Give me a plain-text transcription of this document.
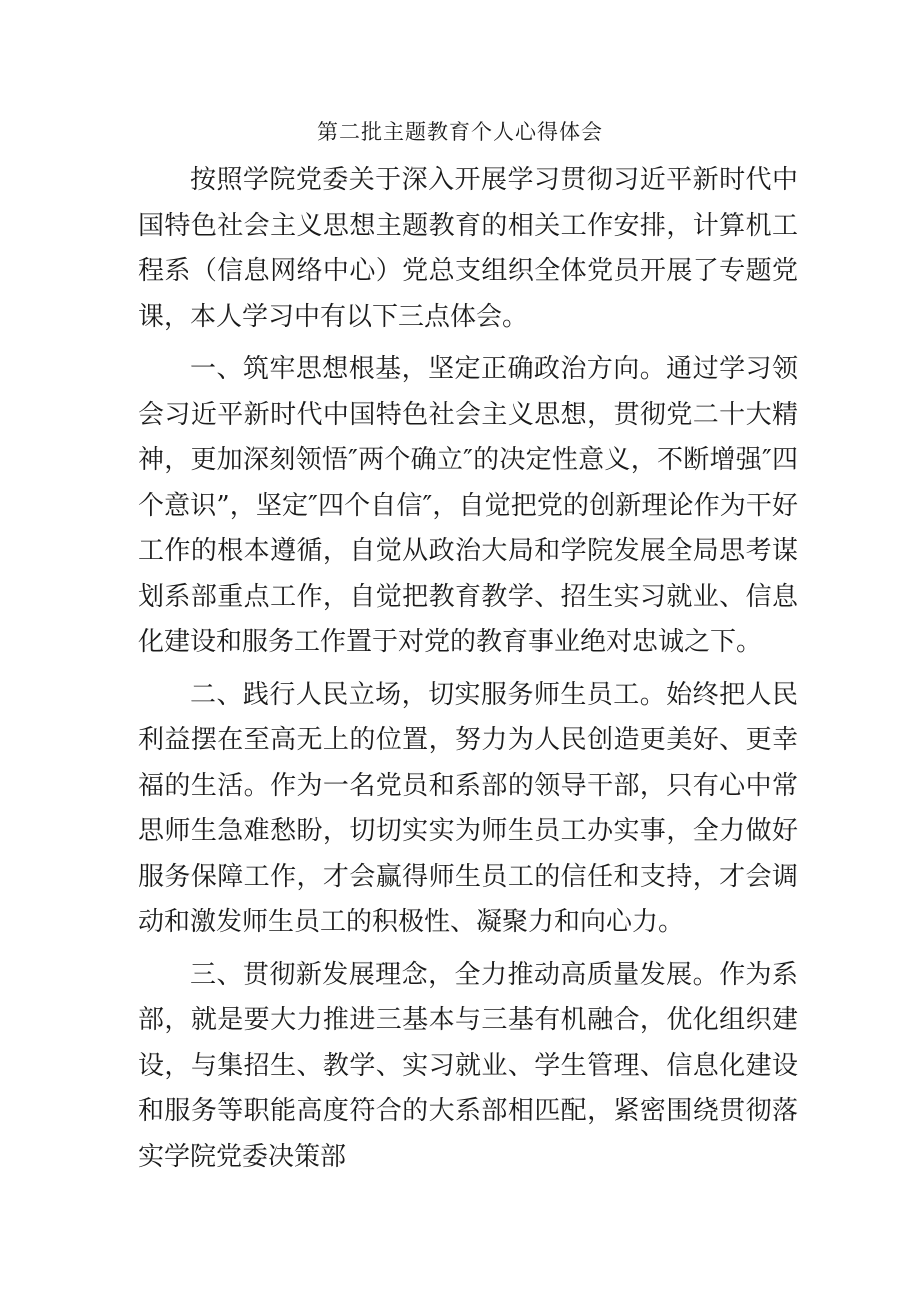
第二批主题教育个人心得体会

按照学院党委关于深入开展学习贯彻习近平新时代中国特色社会主义思想主题教育的相关工作安排，计算机工程系（信息网络中心）党总支组织全体党员开展了专题党课，本人学习中有以下三点体会。

一、筑牢思想根基，坚定正确政治方向。通过学习领会习近平新时代中国特色社会主义思想，贯彻党二十大精神，更加深刻领悟″两个确立″的决定性意义，不断增强″四个意识”，坚定″四个自信″，自觉把党的创新理论作为干好工作的根本遵循，自觉从政治大局和学院发展全局思考谋划系部重点工作，自觉把教育教学、招生实习就业、信息化建设和服务工作置于对党的教育事业绝对忠诚之下。

二、践行人民立场，切实服务师生员工。始终把人民利益摆在至高无上的位置，努力为人民创造更美好、更幸福的生活。作为一名党员和系部的领导干部，只有心中常思师生急难愁盼，切切实实为师生员工办实事，全力做好服务保障工作，才会赢得师生员工的信任和支持，才会调动和激发师生员工的积极性、凝聚力和向心力。

三、贯彻新发展理念，全力推动高质量发展。作为系部，就是要大力推进三基本与三基有机融合，优化组织建设，与集招生、教学、实习就业、学生管理、信息化建设和服务等职能高度符合的大系部相匹配，紧密围绕贯彻落实学院党委决策部
